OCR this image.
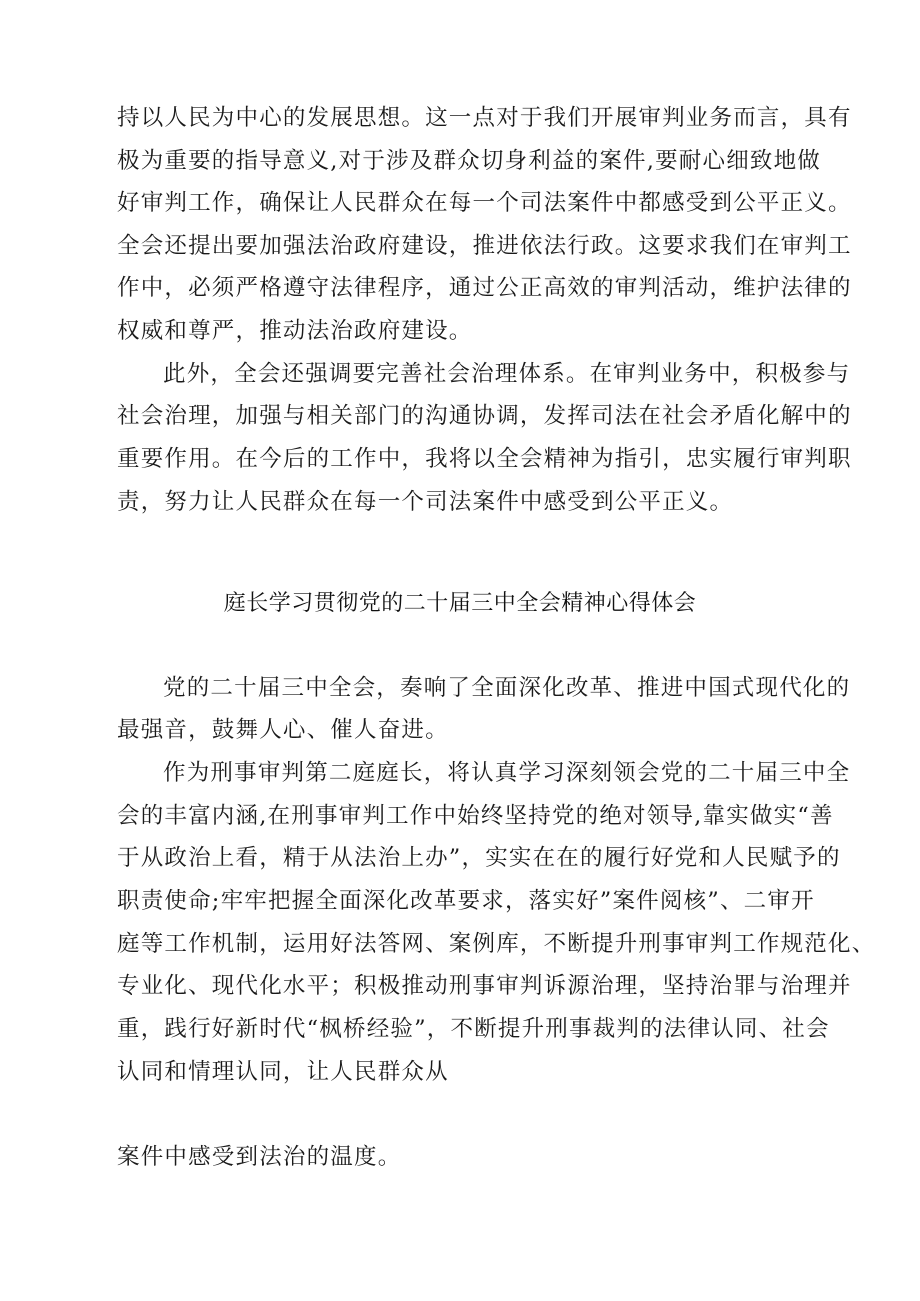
持以人民为中心的发展思想。这一点对于我们开展审判业务而言，具有
极为重要的指导意义,对于涉及群众切身利益的案件,要耐心细致地做
好审判工作，确保让人民群众在每一个司法案件中都感受到公平正义。
全会还提出要加强法治政府建设，推进依法行政。这要求我们在审判工
作中，必须严格遵守法律程序，通过公正高效的审判活动，维护法律的
权威和尊严，推动法治政府建设。
此外，全会还强调要完善社会治理体系。在审判业务中，积极参与
社会治理，加强与相关部门的沟通协调，发挥司法在社会矛盾化解中的
重要作用。在今后的工作中，我将以全会精神为指引，忠实履行审判职
责，努力让人民群众在每一个司法案件中感受到公平正义。
庭长学习贯彻党的二十届三中全会精神心得体会
党的二十届三中全会，奏响了全面深化改革、推进中国式现代化的
最强音，鼓舞人心、催人奋进。
作为刑事审判第二庭庭长，将认真学习深刻领会党的二十届三中全
会的丰富内涵,在刑事审判工作中始终坚持党的绝对领导,靠实做实“善
于从政治上看，精于从法治上办”，实实在在的履行好党和人民赋予的
职责使命;牢牢把握全面深化改革要求，落实好”案件阅核”、二审开
庭等工作机制，运用好法答网、案例库，不断提升刑事审判工作规范化、
专业化、现代化水平；积极推动刑事审判诉源治理，坚持治罪与治理并
重，践行好新时代“枫桥经验”，不断提升刑事裁判的法律认同、社会
认同和情理认同，让人民群众从
案件中感受到法治的温度。
